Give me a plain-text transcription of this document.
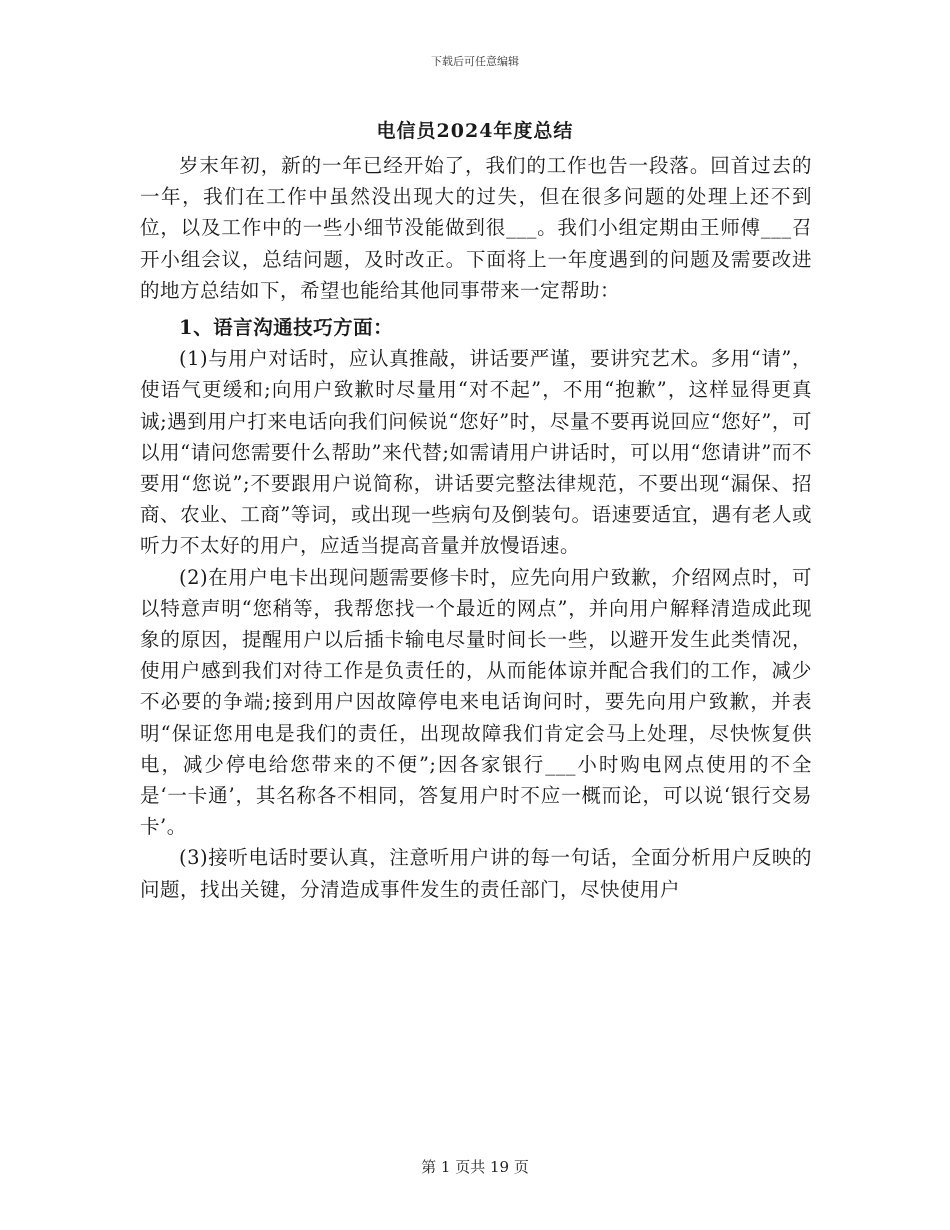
下载后可任意编辑
电信员2024年度总结

岁末年初，新的一年已经开始了，我们的工作也告一段落。回首过去的一年，我们在工作中虽然没出现大的过失，但在很多问题的处理上还不到位，以及工作中的一些小细节没能做到很___。我们小组定期由王师傅___召开小组会议，总结问题，及时改正。下面将上一年度遇到的问题及需要改进的地方总结如下，希望也能给其他同事带来一定帮助：

1、语言沟通技巧方面：

(1)与用户对话时，应认真推敲，讲话要严谨，要讲究艺术。多用“请”，使语气更缓和;向用户致歉时尽量用“对不起”，不用“抱歉”，这样显得更真诚;遇到用户打来电话向我们问候说“您好”时，尽量不要再说回应“您好”，可以用“请问您需要什么帮助”来代替;如需请用户讲话时，可以用“您请讲”而不要用“您说”;不要跟用户说简称，讲话要完整法律规范，不要出现“漏保、招商、农业、工商”等词，或出现一些病句及倒装句。语速要适宜，遇有老人或听力不太好的用户，应适当提高音量并放慢语速。

(2)在用户电卡出现问题需要修卡时，应先向用户致歉，介绍网点时，可以特意声明“您稍等，我帮您找一个最近的网点”，并向用户解释清造成此现象的原因，提醒用户以后插卡输电尽量时间长一些，以避开发生此类情况，使用户感到我们对待工作是负责任的，从而能体谅并配合我们的工作，减少不必要的争端;接到用户因故障停电来电话询问时，要先向用户致歉，并表明“保证您用电是我们的责任，出现故障我们肯定会马上处理，尽快恢复供电，减少停电给您带来的不便”;因各家银行___小时购电网点使用的不全是‘一卡通’，其名称各不相同，答复用户时不应一概而论，可以说‘银行交易卡’。

(3)接听电话时要认真，注意听用户讲的每一句话，全面分析用户反映的问题，找出关键，分清造成事件发生的责任部门，尽快使用户

第 1 页共 19 页
